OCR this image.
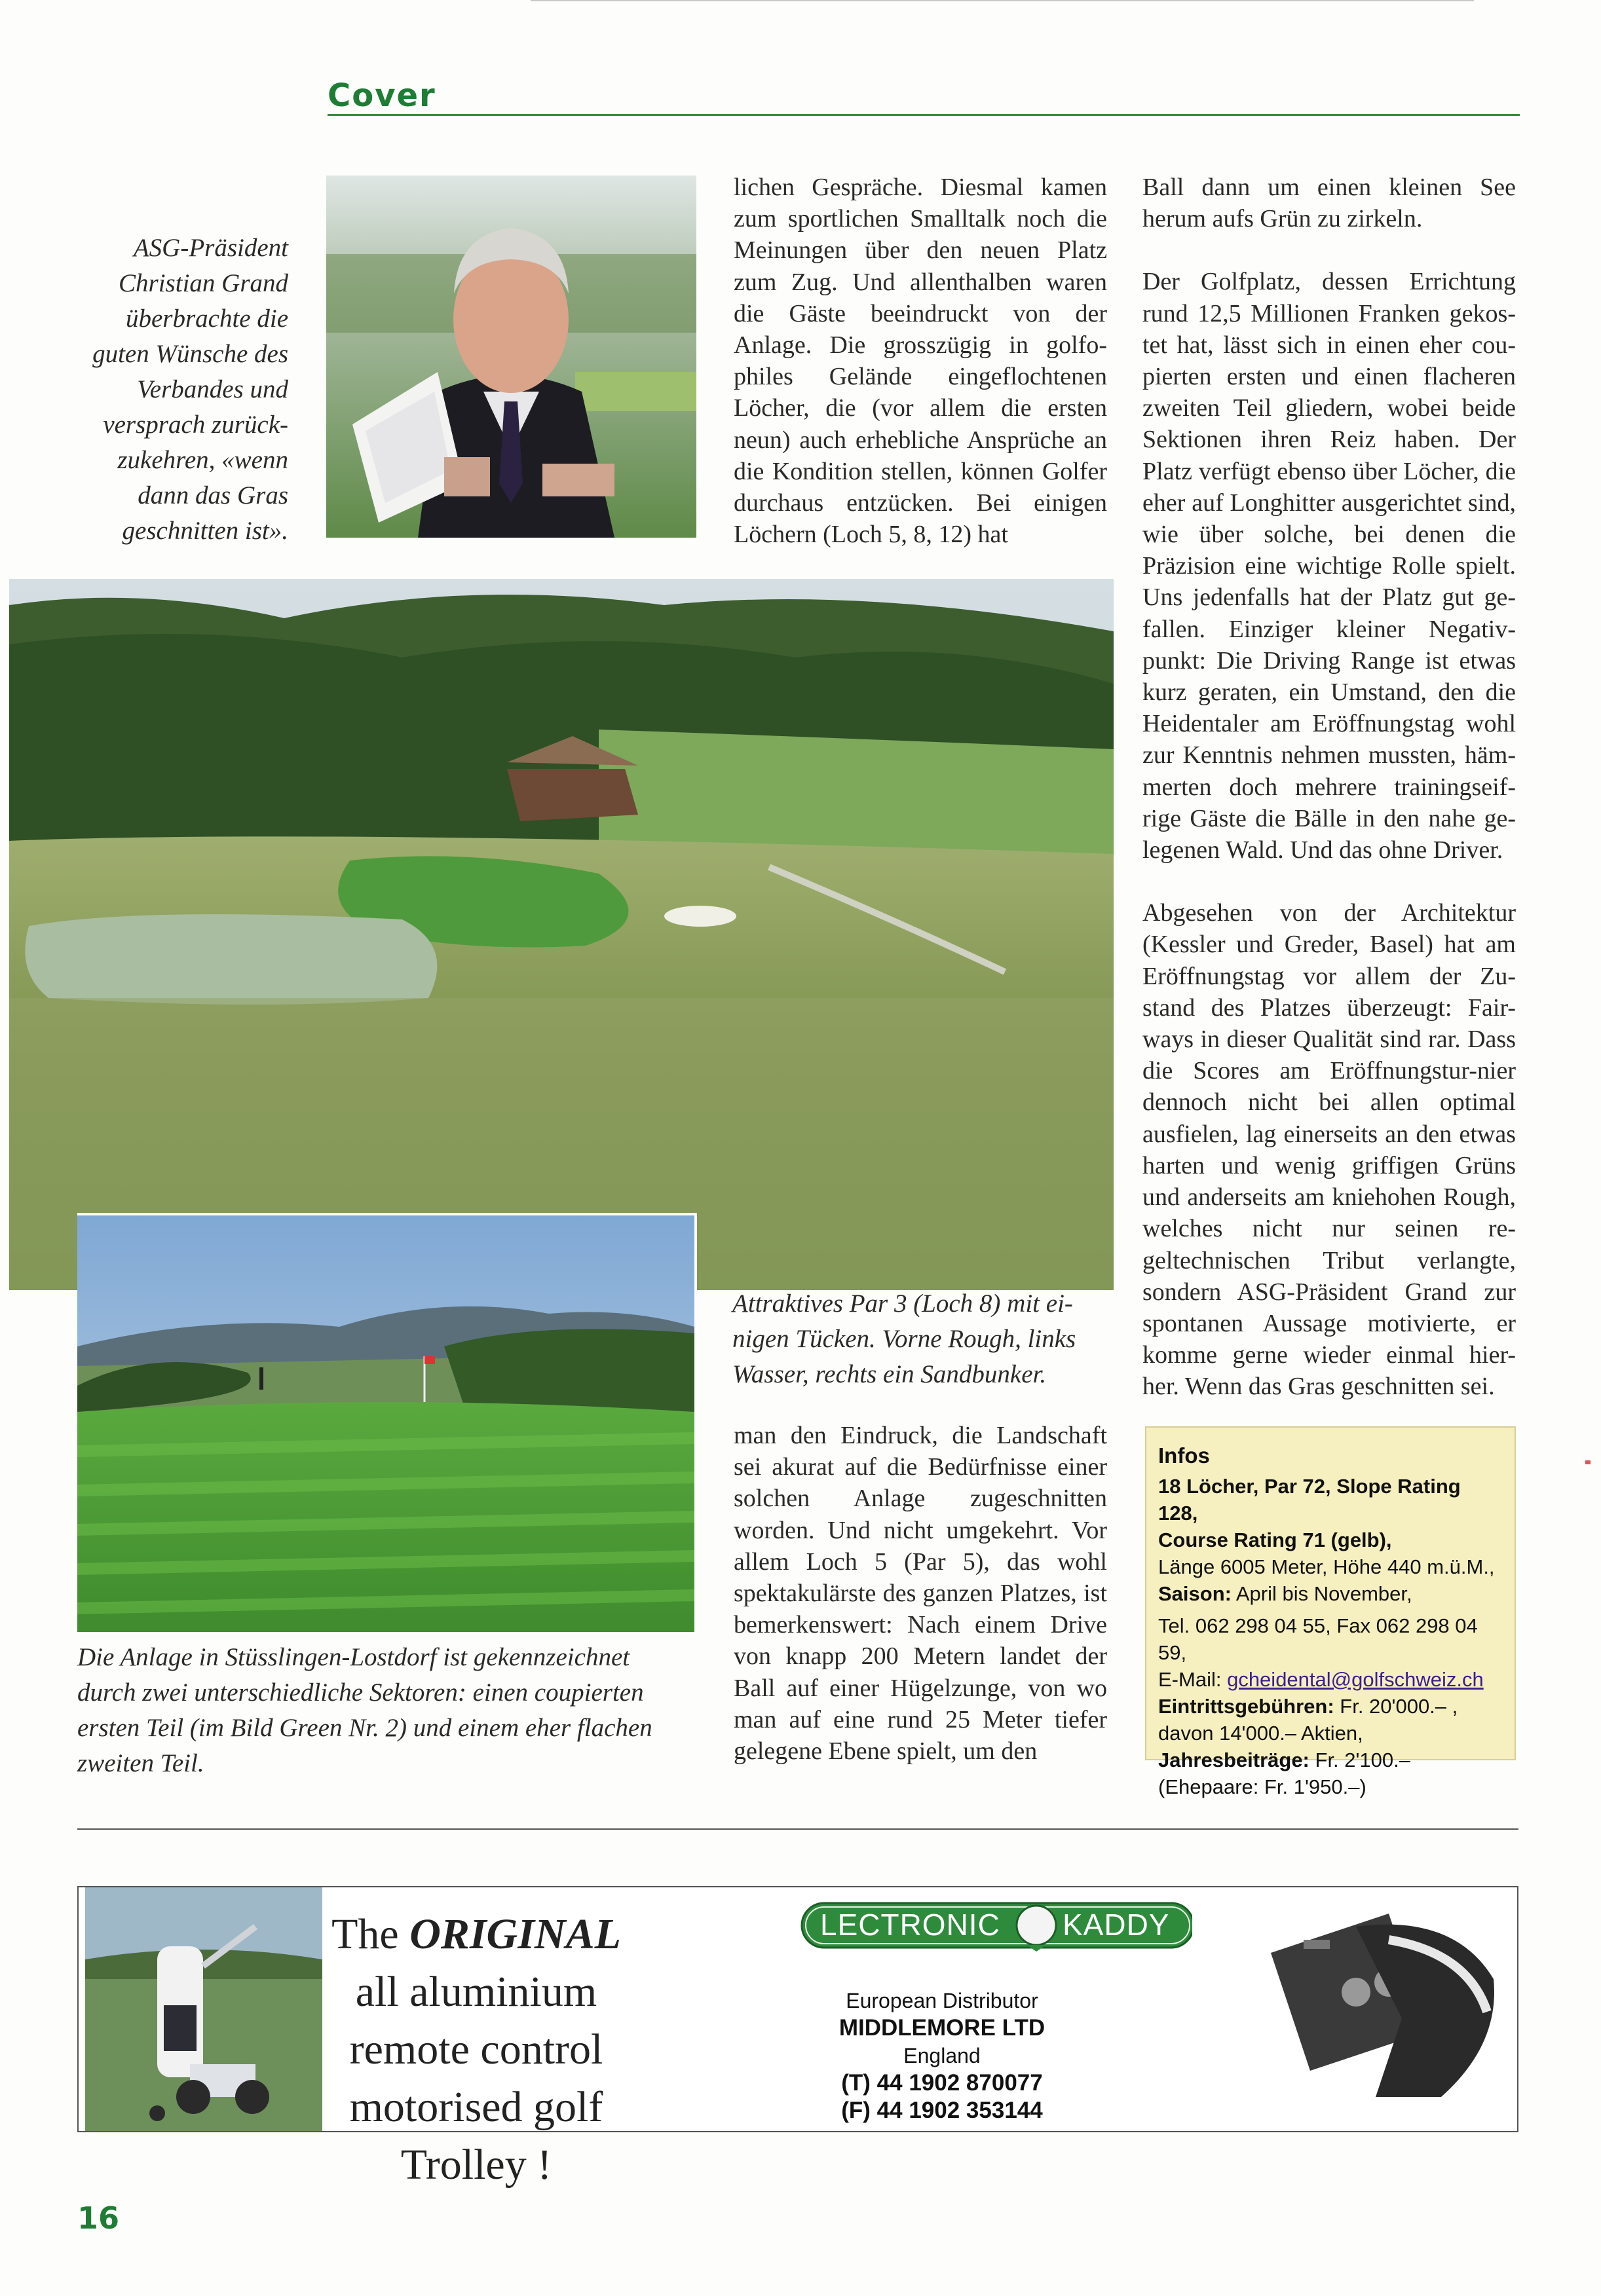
Cover
ASG-Präsident Christian Grand überbrachte die guten Wünsche des Verbandes und versprach zurück-zukehren, «wenn dann das Gras geschnitten ist».

lichen Gespräche. Diesmal kamen zum sportlichen Smalltalk noch die Meinungen über den neuen Platz zum Zug. Und allenthalben waren die Gäste beeindruckt von der Anlage. Die grosszügig in golfo-philes Gelände eingeflochtenen Löcher, die (vor allem die ersten neun) auch erhebliche Ansprüche an die Kondition stellen, können Golfer durchaus entzücken. Bei einigen Löchern (Loch 5, 8, 12) hat

Ball dann um einen kleinen See herum aufs Grün zu zirkeln.

Der Golfplatz, dessen Errichtung rund 12,5 Millionen Franken gekos-tet hat, lässt sich in einen eher cou-pierten ersten und einen flacheren zweiten Teil gliedern, wobei beide Sektionen ihren Reiz haben. Der Platz verfügt ebenso über Löcher, die eher auf Longhitter ausgerichtet sind, wie über solche, bei denen die Präzision eine wichtige Rolle spielt. Uns jedenfalls hat der Platz gut ge-fallen. Einziger kleiner Negativ-punkt: Die Driving Range ist etwas kurz geraten, ein Umstand, den die Heidentaler am Eröffnungstag wohl zur Kenntnis nehmen mussten, häm-merten doch mehrere trainingseif-rige Gäste die Bälle in den nahe ge-legenen Wald. Und das ohne Driver.

Abgesehen von der Architektur (Kessler und Greder, Basel) hat am Eröffnungstag vor allem der Zu-stand des Platzes überzeugt: Fair-ways in dieser Qualität sind rar. Dass die Scores am Eröffnungstur-nier dennoch nicht bei allen optimal ausfielen, lag einerseits an den etwas harten und wenig griffigen Grüns und anderseits am kniehohen Rough, welches nicht nur seinen re-geltechnischen Tribut verlangte, sondern ASG-Präsident Grand zur spontanen Aussage motivierte, er komme gerne wieder einmal hier-her. Wenn das Gras geschnitten sei.

Attraktives Par 3 (Loch 8) mit ei-nigen Tücken. Vorne Rough, links Wasser, rechts ein Sandbunker.
Die Anlage in Stüsslingen-Lostdorf ist gekennzeichnet durch zwei unterschiedliche Sektoren: einen coupierten ersten Teil (im Bild Green Nr. 2) und einem eher flachen zweiten Teil.

man den Eindruck, die Landschaft sei akurat auf die Bedürfnisse einer solchen Anlage zugeschnitten worden. Und nicht umgekehrt. Vor allem Loch 5 (Par 5), das wohl spektakulärste des ganzen Platzes, ist bemerkenswert: Nach einem Drive von knapp 200 Metern landet der Ball auf einer Hügelzunge, von wo man auf eine rund 25 Meter tiefer gelegene Ebene spielt, um den

Infos
18 Löcher, Par 72, Slope Rating 128,
Course Rating 71 (gelb),
Länge 6005 Meter, Höhe 440 m.ü.M.,
Saison: April bis November,
Tel. 062 298 04 55, Fax 062 298 04 59,
E-Mail: gcheidental@golfschweiz.ch
Eintrittsgebühren: Fr. 20'000.– ,
davon 14'000.– Aktien,
Jahresbeiträge: Fr. 2'100.–
(Ehepaare: Fr. 1'950.–)
The ORIGINAL all aluminium remote control motorised golf Trolley !
LECTRONIC KADDY
European Distributor
MIDDLEMORE LTD
England
(T) 44 1902 870077
(F) 44 1902 353144
16
